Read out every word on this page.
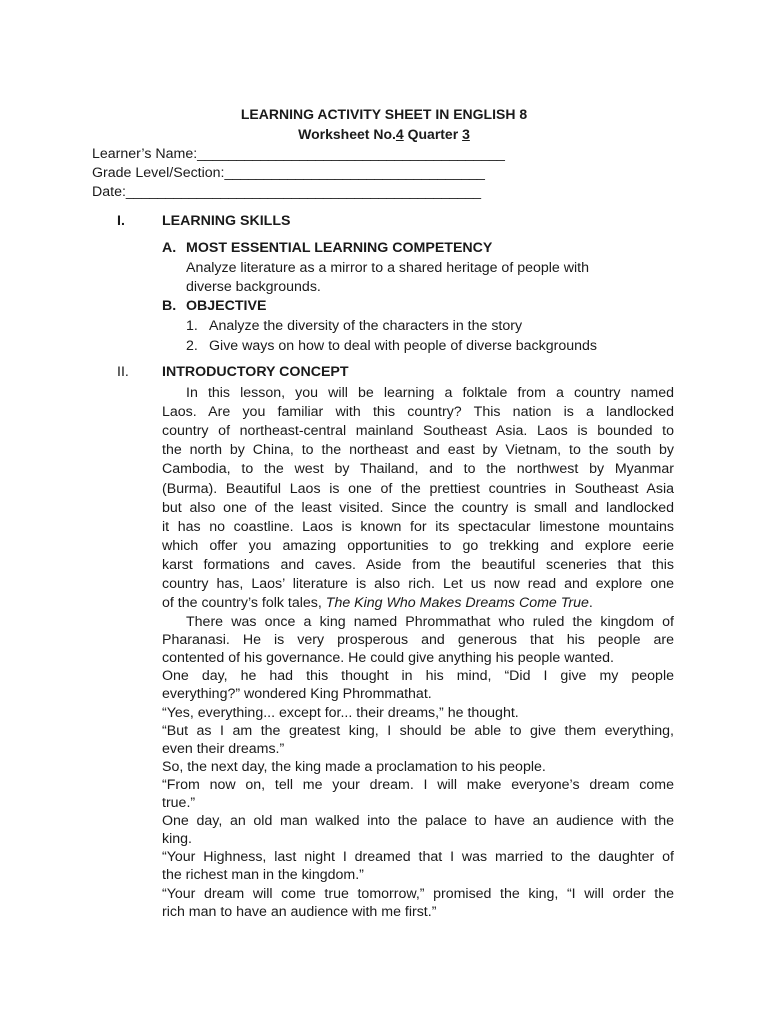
LEARNING ACTIVITY SHEET IN ENGLISH 8
Worksheet No.4 Quarter 3
Learner’s Name:_______________________________________
Grade Level/Section:_________________________________
Date:_____________________________________________
I.	LEARNING SKILLS
A. MOST ESSENTIAL LEARNING COMPETENCY
Analyze literature as a mirror to a shared heritage of people with
diverse backgrounds.
B. OBJECTIVE
1. Analyze the diversity of the characters in the story
2. Give ways on how to deal with people of diverse backgrounds
II. INTRODUCTORY CONCEPT
In this lesson, you will be learning a folktale from a country named
Laos. Are you familiar with this country? This nation is a landlocked
country of northeast-central mainland Southeast Asia. Laos is bounded to
the north by China, to the northeast and east by Vietnam, to the south by
Cambodia, to the west by Thailand, and to the northwest by Myanmar
(Burma). Beautiful Laos is one of the prettiest countries in Southeast Asia
but also one of the least visited. Since the country is small and landlocked
it has no coastline. Laos is known for its spectacular limestone mountains
which offer you amazing opportunities to go trekking and explore eerie
karst formations and caves. Aside from the beautiful sceneries that this
country has, Laos’ literature is also rich. Let us now read and explore one
of the country’s folk tales, The King Who Makes Dreams Come True.
There was once a king named Phrommathat who ruled the kingdom of
Pharanasi. He is very prosperous and generous that his people are
contented of his governance. He could give anything his people wanted.
One day, he had this thought in his mind, “Did I give my people
everything?” wondered King Phrommathat.
“Yes, everything... except for... their dreams,” he thought.
“But as I am the greatest king, I should be able to give them everything,
even their dreams.”
So, the next day, the king made a proclamation to his people.
“From now on, tell me your dream. I will make everyone’s dream come
true.”
One day, an old man walked into the palace to have an audience with the
king.
“Your Highness, last night I dreamed that I was married to the daughter of
the richest man in the kingdom.”
“Your dream will come true tomorrow,” promised the king, “I will order the
rich man to have an audience with me first.”
